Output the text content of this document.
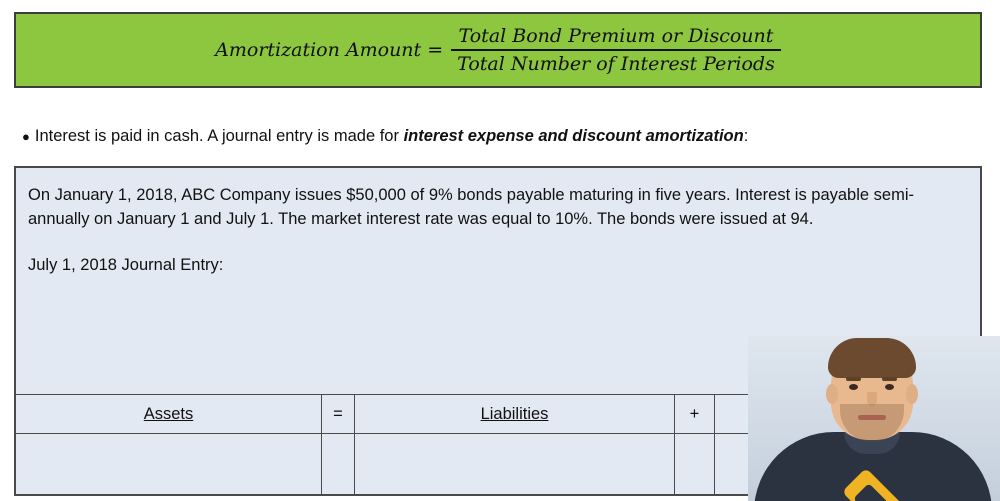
Amortization Amount = $\frac{\text{Total Bond Premium or Discount}}{\text{Total Number of Interest Periods}}$
● Interest is paid in cash. A journal entry is made for interest expense and discount amortization:
On January 1, 2018, ABC Company issues $50,000 of 9% bonds payable maturing in five years. Interest is payable semi-annually on January 1 and July 1. The market interest rate was equal to 10%. The bonds were issued at 94.
July 1, 2018 Journal Entry:
Assets	=	Liabilities	+
